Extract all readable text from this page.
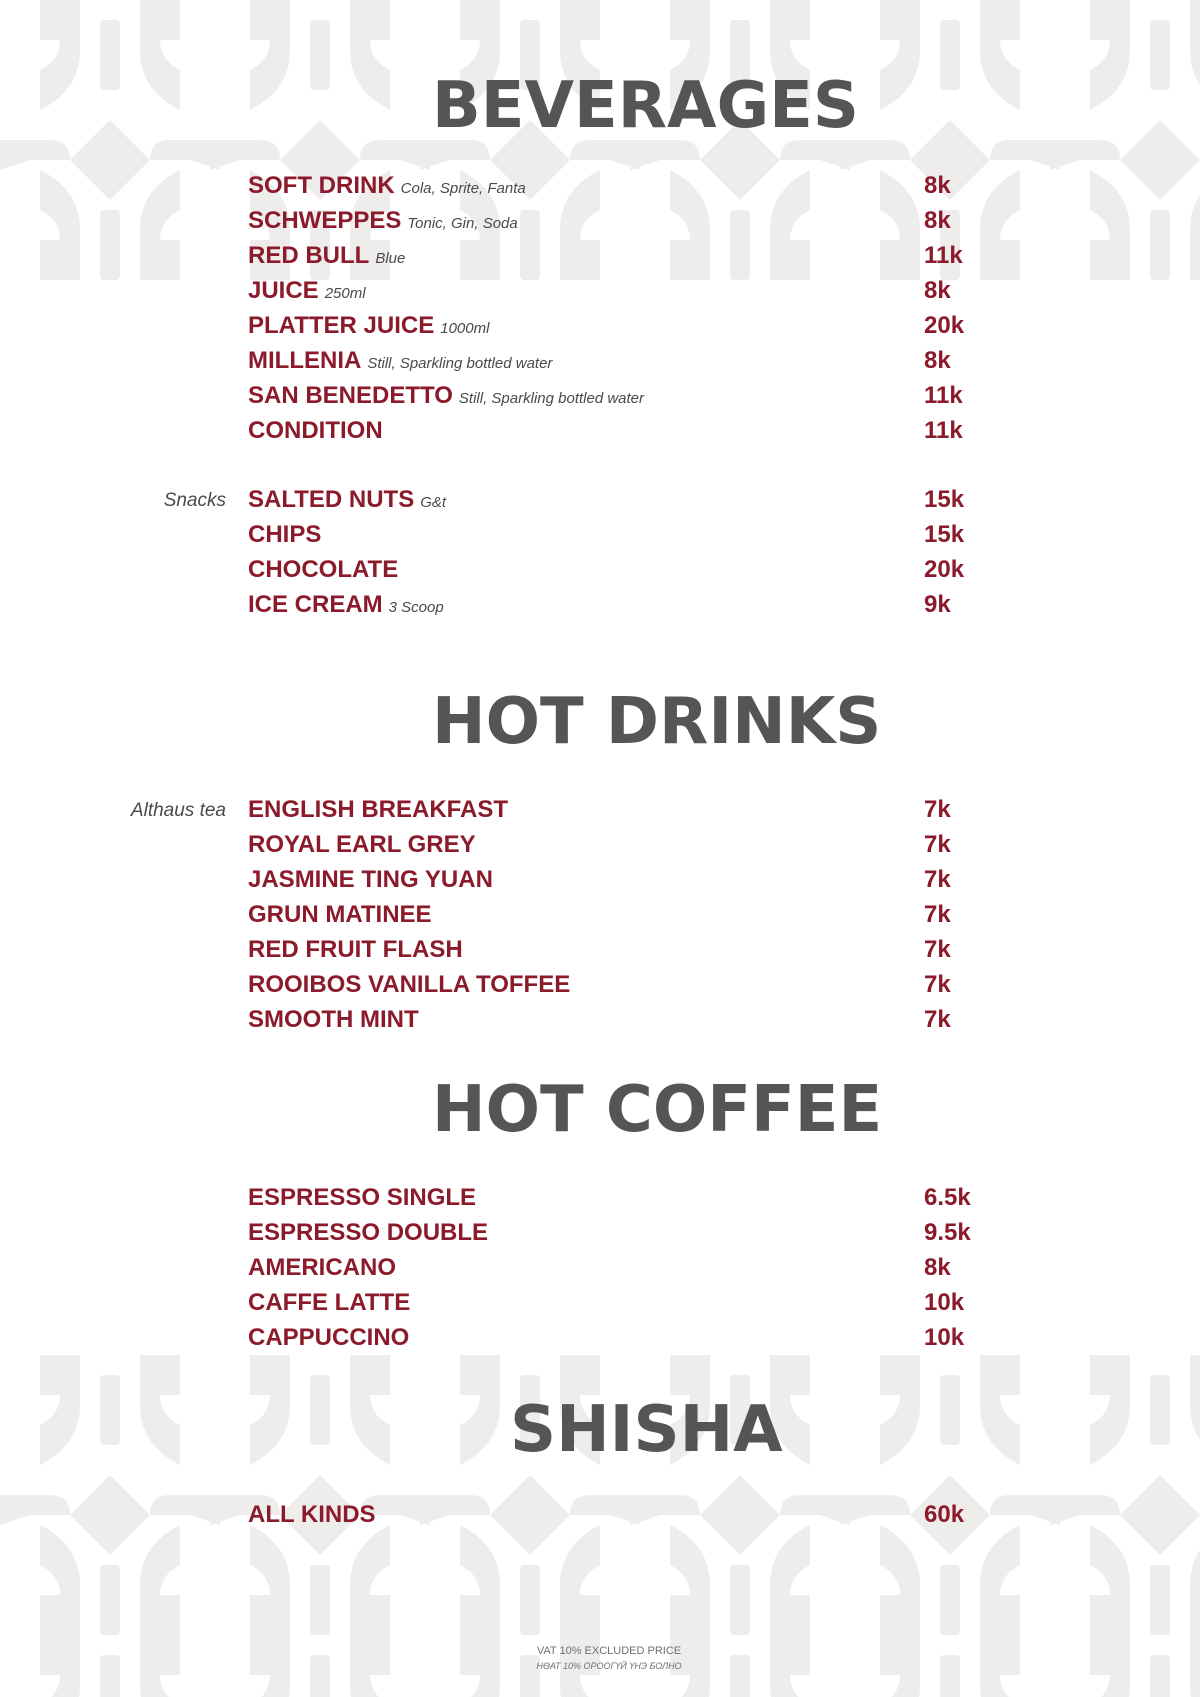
BEVERAGES
SOFT DRINK Cola, Sprite, Fanta	8k
SCHWEPPES Tonic, Gin, Soda	8k
RED BULL Blue	11k
JUICE 250ml	8k
PLATTER JUICE 1000ml	20k
MILLENIA Still, Sparkling bottled water	8k
SAN BENEDETTO Still, Sparkling bottled water	11k
CONDITION	11k
Snacks SALTED NUTS G&t	15k
CHIPS	15k
CHOCOLATE	20k
ICE CREAM 3 Scoop	9k
HOT DRINKS
Althaus tea ENGLISH BREAKFAST	7k
ROYAL EARL GREY	7k
JASMINE TING YUAN	7k
GRUN MATINEE	7k
RED FRUIT FLASH	7k
ROOIBOS VANILLA TOFFEE	7k
SMOOTH MINT	7k
HOT COFFEE
ESPRESSO SINGLE	6.5k
ESPRESSO DOUBLE	9.5k
AMERICANO	8k
CAFFE LATTE	10k
CAPPUCCINO	10k
SHISHA
ALL KINDS	60k
VAT 10% EXCLUDED PRICE
НӨАТ 10% ОРООГҮЙ ҮНЭ БОЛНО
